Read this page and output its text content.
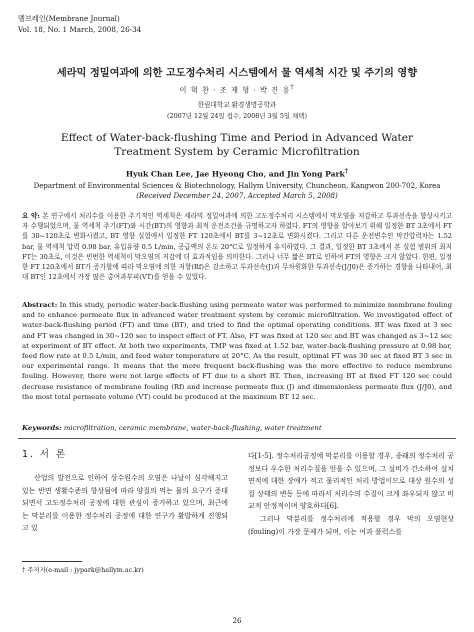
멤브레인(Membrane Journal)
Vol. 18, No. 1 March, 2008, 26-34
세라믹 정밀여과에 의한 고도정수처리 시스템에서 물 역세척 시간 및 주기의 영향
이 혁 찬 · 조 재 형 · 박 진 용†
한림대학교 환경생명공학과
(2007년 12월 24일 접수, 2008년 3월 5일 채택)
Effect of Water-back-flushing Time and Period in Advanced Water Treatment System by Ceramic Microfiltration
Hyuk Chan Lee, Jae Hyeong Cho, and Jin Yong Park†
Department of Environmental Sciences & Biotechnology, Hallym University, Chuncheon, Kangwon 200-702, Korea
(Received December 24, 2007, Accepted March 5, 2008)
요 약: 본 연구에서 처리수를 이용한 주기적인 역세척은 세라믹 정밀여과에 의한 고도정수처리 시스템에서 막오염을 저감하고 투과선속을 향상시키고자 수행되었으며, 물 역세척 주기(FT)와 시간(BT)의 영향과 최적 운전조건을 규명하고자 하였다. FT의 영향을 알아보기 위해 일정한 BT 3초에서 FT를 30~120초로 변화시켰고, BT 영향 실험에서 일정한 FT 120초에서 BT를 3~12초로 변화시켰다. 그리고 다른 운전변수인 막간압력차는 1.52 bar, 물 역세척 압력 0.98 bar, 유입유량 0.5 L/min, 공급액의 온도 20°C로 일정하게 유지하였다. 그 결과, 일정한 BT 3초에서 본 실험 범위의 최저 FT는 30초로, 이것은 빈번한 역세척이 막오염의 저감에 더 효과적임을 의미한다. 그러나 너무 짧은 BT로 인하여 FT의 영향은 크지 않았다. 한편, 일정한 FT 120초에서 BT가 증가할에 따라 막오염에 의한 저항(Rf)은 감소하고 투과선속(J)과 무차원화한 투과선속(J/J0)은 증가하는 경향을 나타내어, 최대 BT인 12초에서 가장 많은 총여과부피(VT)를 얻을 수 있었다.
Abstract: In this study, periodic water-back-flushing using permeate water was performed to minimize membrane fouling and to enhance permeate flux in advanced water treatment system by ceramic microfiltration. We investigated effect of water-back-flushing period (FT) and time (BT), and tried to find the optimal operating conditions. BT was fixed at 3 sec and FT was changed in 30~120 sec to inspect effect of FT. Also, FT was fixed at 120 sec and BT was changed as 3~12 sec at experiment of BT effect. At both two experiments, TMP was fixed at 1.52 bar, water-back-flushing pressure at 0.98 bar, feed flow rate at 0.5 L/min, and feed water temperature at 20°C. As the result, optimal FT was 30 sec at fixed BT 3 sec in our experimental range. It means that the more frequent back-flushing was the more effective to reduce membrane fouling. However, there were not large effects of FT due to a short BT. Then, increasing BT at fixed FT 120 sec could decrease resistance of membrane fouling (Rf) and increase permeate flux (J) and dimensionless permeate flux (J/J0), and the most total permeate volume (VT) could be produced at the maximum BT 12 sec.
Keywords: microfiltration, ceramic membrane, water-back-flushing, water treatment
1. 서 론

산업의 발전으로 인하여 상수원수의 오염은 나날이 심각해지고 있는 반면 생활수준의 향상됨에 따라 양질의 먹는 물의 요구가 증대되면서 고도정수처리 공정에 대한 관심이 증가하고 있으며, 최근에는 막분리를 이용한 정수처리 공정에 대한 연구가 활발하게 진행되고 있

다[1-5]. 정수처리공정에 막분리를 이용할 경우, 종래의 정수처리 공정보다 우수한 처리수질을 얻을 수 있으며, 그 설비가 간소하여 설치면적에 대한 장애가 적고 물리적인 처리 방법이므로 대상 원수의 성질 상태의 변동 등에 따라서 처리수의 수질이 크게 좌우되지 않고 비교적 안정적이며 양호하다[6].

그러나 막분리를 정수처리에 적용할 경우 막의 오염현상(fouling)이 가장 문제가 되며, 이는 여과 플럭스를

† 주저자(e-mail : jypark@hallym.ac.kr)
26
